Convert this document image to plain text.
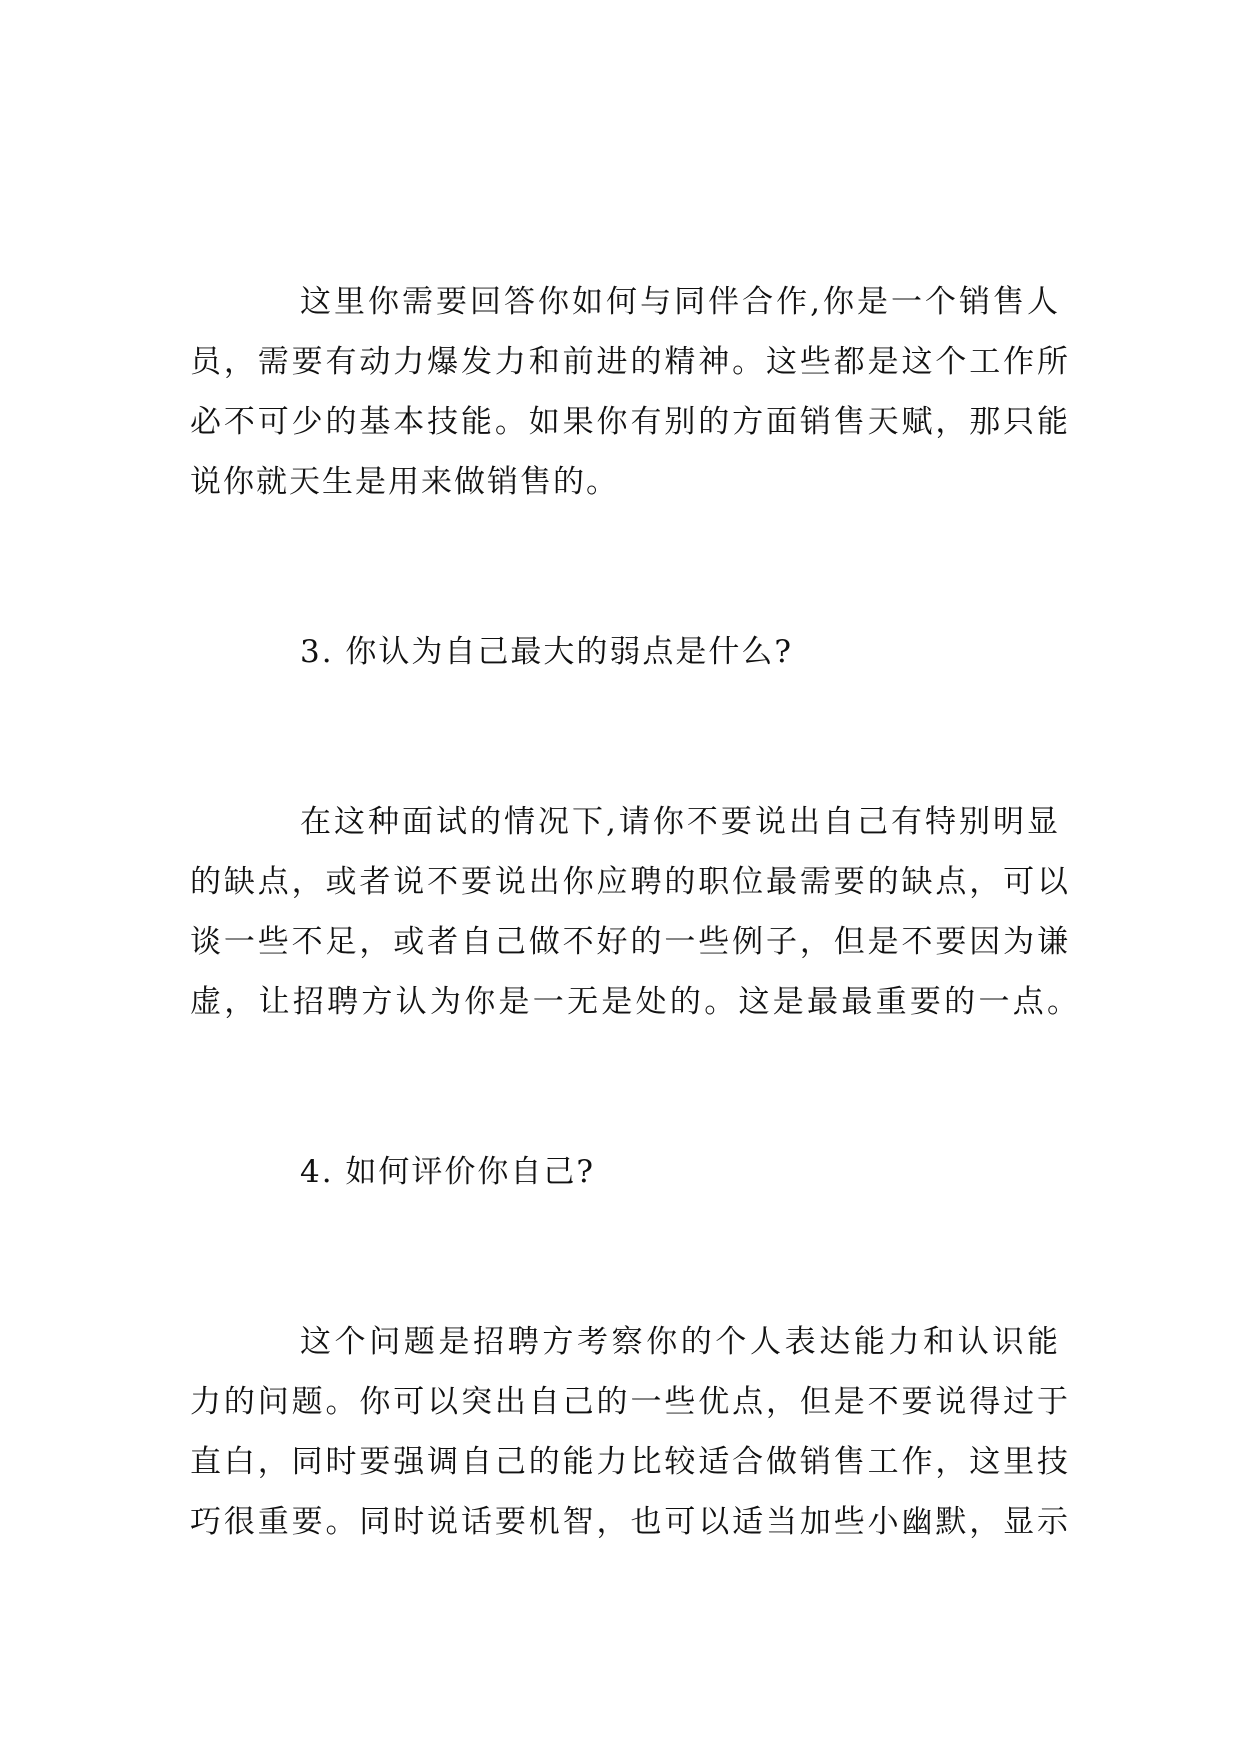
这里你需要回答你如何与同伴合作,你是一个销售人
员，需要有动力爆发力和前进的精神。这些都是这个工作所
必不可少的基本技能。如果你有别的方面销售天赋，那只能
说你就天生是用来做销售的。
3. 你认为自己最大的弱点是什么?
在这种面试的情况下,请你不要说出自己有特别明显
的缺点，或者说不要说出你应聘的职位最需要的缺点，可以
谈一些不足，或者自己做不好的一些例子，但是不要因为谦
虚，让招聘方认为你是一无是处的。这是最最重要的一点。
4. 如何评价你自己?
这个问题是招聘方考察你的个人表达能力和认识能
力的问题。你可以突出自己的一些优点，但是不要说得过于
直白，同时要强调自己的能力比较适合做销售工作，这里技
巧很重要。同时说话要机智，也可以适当加些小幽默，显示
